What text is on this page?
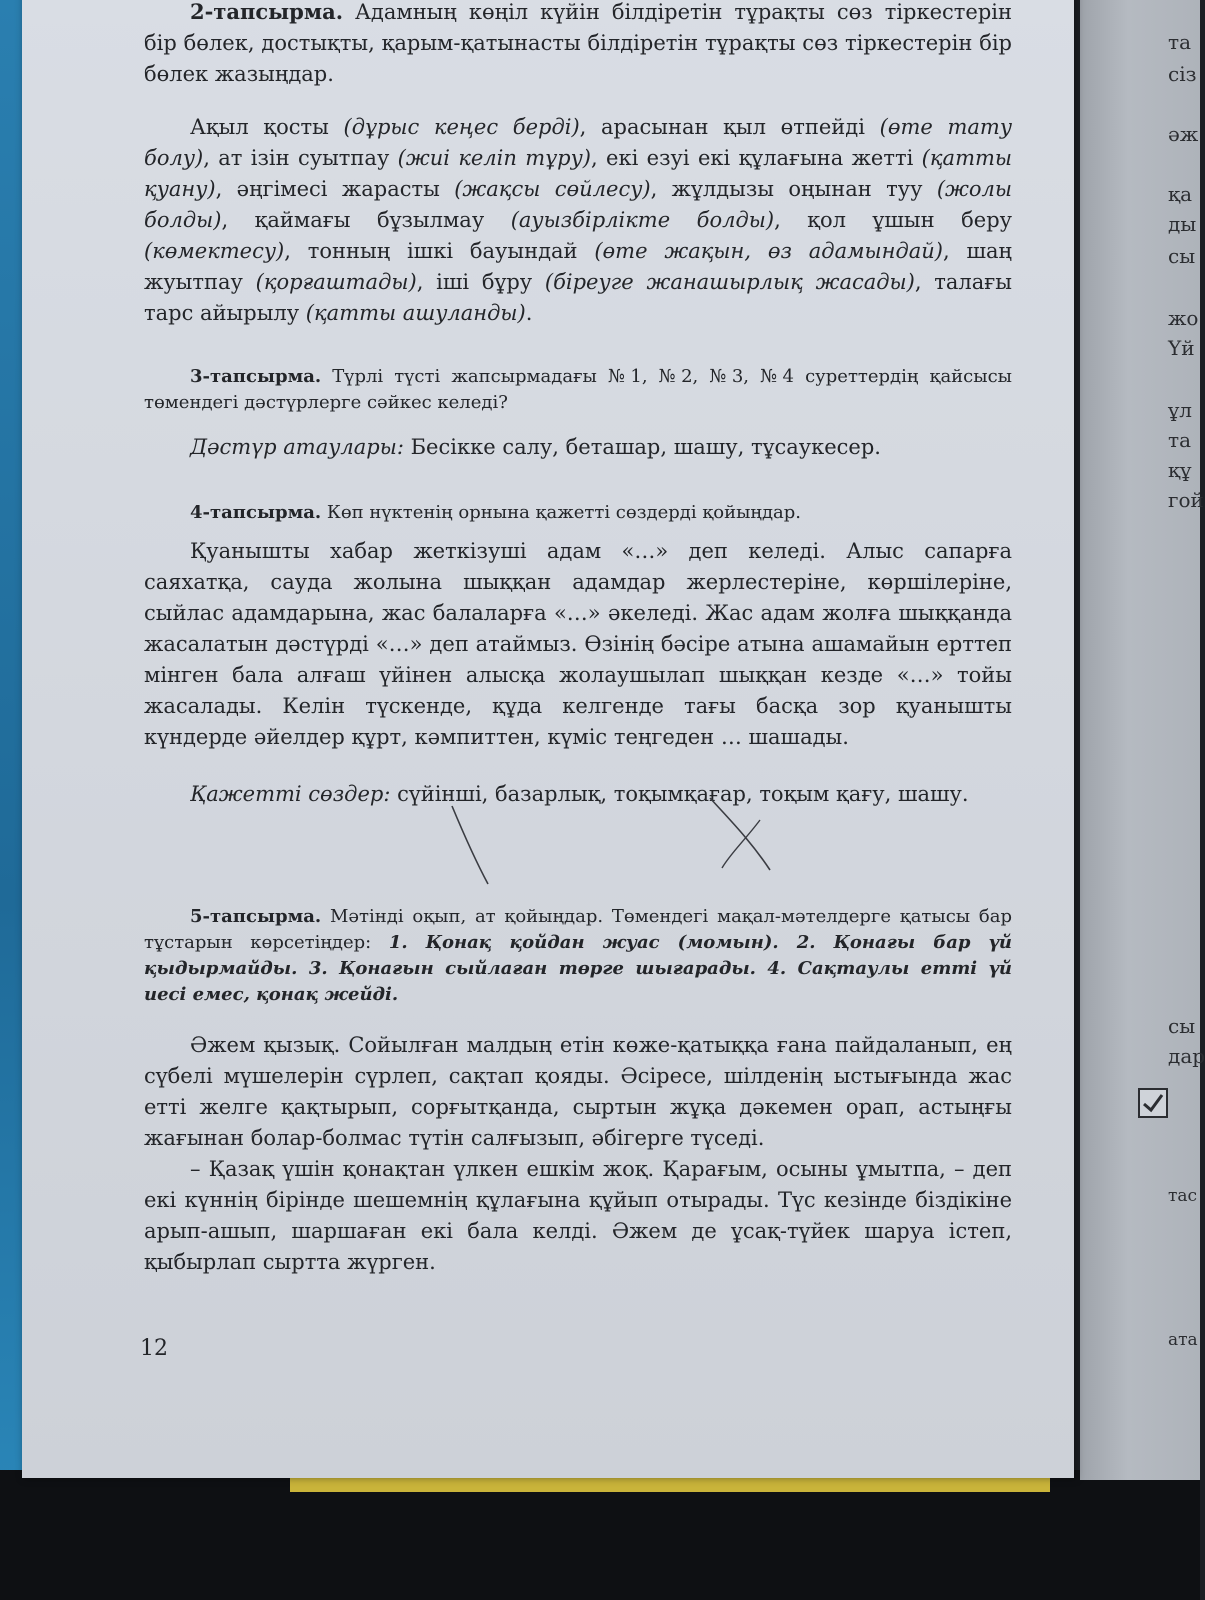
та
сіз
әж
қа
ды
сы
жо
Үй
ұл
та
құ
гой
сы
дар
тас
ата

2-тапсырма. Адамның көңіл күйін білдіретін тұрақты сөз тіркестерін бір бөлек, достықты, қарым-қатынасты білдіретін тұрақты сөз тіркестерін бір бөлек жазыңдар.

Ақыл қосты (дұрыс кеңес берді), арасынан қыл өтпейді (өте тату болу), ат ізін суытпау (жиі келіп тұру), екі езуі екі құлағына жетті (қатты қуану), әңгімесі жарасты (жақсы сөйлесу), жұлдызы оңынан туу (жолы болды), қаймағы бұзылмау (ауызбірлікте болды), қол ұшын беру (көмектесу), тонның ішкі бауындай (өте жақын, өз адамындай), шаң жуытпау (қорғаштады), іші бұру (біреуге жанашырлық жасады), талағы тарс айырылу (қатты ашуланды).

3-тапсырма. Түрлі түсті жапсырмадағы №1, №2, №3, №4 суреттердің қайсысы төмендегі дәстүрлерге сәйкес келеді?

Дәстүр атаулары: Бесікке салу, беташар, шашу, тұсаукесер.

4-тапсырма. Көп нүктенің орнына қажетті сөздерді қойыңдар.

Қуанышты хабар жеткізуші адам «…» деп келеді. Алыс сапарға саяхатқа, сауда жолына шыққан адамдар жерлестеріне, көршілеріне, сыйлас адамдарына, жас балаларға «…» әкеледі. Жас адам жолға шыққанда жасалатын дәстүрді «…» деп атаймыз. Өзінің бәсіре атына ашамайын ерттеп мінген бала алғаш үйінен алысқа жолаушылап шыққан кезде «…» тойы жасалады. Келін түскенде, құда келгенде тағы басқа зор қуанышты күндерде әйелдер құрт, кәмпиттен, күміс теңгеден … шашады.

Қажетті сөздер: сүйінші, базарлық, тоқымқағар, тоқым қағу, шашу.

5-тапсырма. Мәтінді оқып, ат қойыңдар. Төмендегі мақал-мәтелдерге қатысы бар тұстарын көрсетіңдер: 1. Қонақ қойдан жуас (момын). 2. Қонағы бар үй қыдырмайды. 3. Қонағын сыйлаған төрге шығарады. 4. Сақтаулы етті үй иесі емес, қонақ жейді.

Әжем қызық. Сойылған малдың етін көже-қатыққа ғана пайдаланып, ең сүбелі мүшелерін сүрлеп, сақтап қояды. Әсіресе, шілденің ыстығында жас етті желге қақтырып, сорғытқанда, сыртын жұқа дәкемен орап, астыңғы жағынан болар-болмас түтін салғызып, әбігерге түседі.

– Қазақ үшін қонақтан үлкен ешкім жоқ. Қарағым, осыны ұмытпа, – деп екі күннің бірінде шешемнің құлағына құйып отырады. Түс кезінде біздікіне арып-ашып, шаршаған екі бала келді. Әжем де ұсақ-түйек шаруа істеп, қыбырлап сыртта жүрген.

12
